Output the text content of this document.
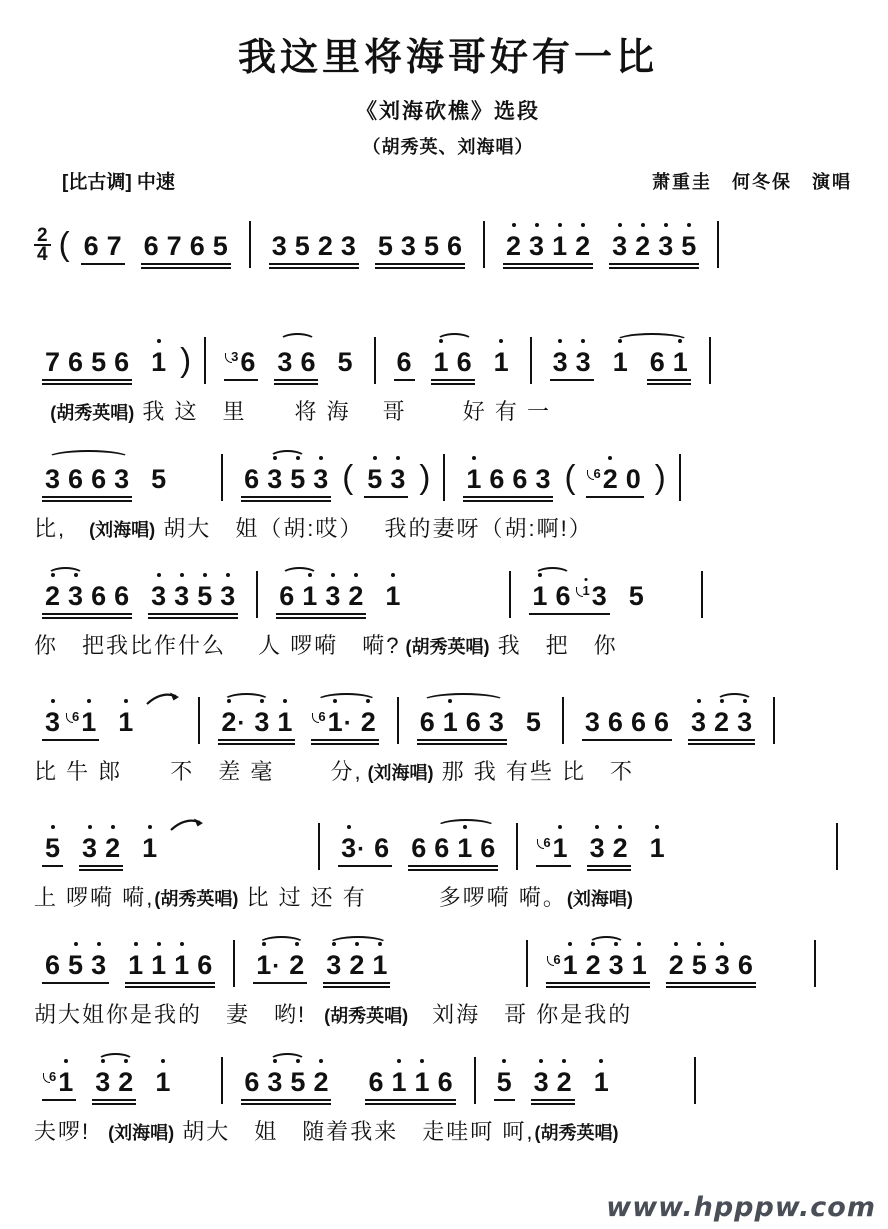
我这里将海哥好有一比
《刘海砍樵》选段
（胡秀英、刘海唱）
[比古调] 中速	萧重圭　何冬保　演唱
$\frac{2}{4}$ ( 6 7 6 7 6 5 3 5 2 3 5 3 5 6 2 3 1 2 3 2 3 5
7 6 5 6 1 )	3 6 3 6 5 6 1 6 1 3 3 1 6 1
(胡秀英唱) 我 这　里　　将 海　 哥　　 好 有 一
3 6 6 3 5	6 3 5 3 ( 5 3 ) 1 6 6 3 ( 6 2 0 )
比,　 (刘海唱) 胡大　姐（胡:哎）　 我的妻呀（胡:啊!）
2 3 6 6 3 3 5 3 6 1 3 2 1	1 6 1 3 5
你　把我比作什么　 人 啰嗬　嗬? (胡秀英唱) 我　把　你
3 6 1 1	2 · 3 1 6 1 · 2 6 1 6 3 5 3 6 6 6 3 2 3
比 牛 郎　　不　差 毫　　 分, (刘海唱) 那 我 有些 比　不
5 3 2 1	3 · 6 6 6 1 6	6 1 3 2 1
上 啰嗬 嗬,(胡秀英唱) 比 过 还 有　　　多啰嗬 嗬。(刘海唱)
6 5 3 1 1 1 6 1 · 2 3 2 1	6 1 2 3 1 2 5 3 6
胡大姐你是我的　妻　哟!　(胡秀英唱)　刘海　哥 你是我的
6 1 3 2 1	6 3 5 2 6 1 1 6 5 3 2 1
夫啰!　(刘海唱) 胡大　姐　随着我来　走哇呵 呵,(胡秀英唱)
www.hpppw.com
